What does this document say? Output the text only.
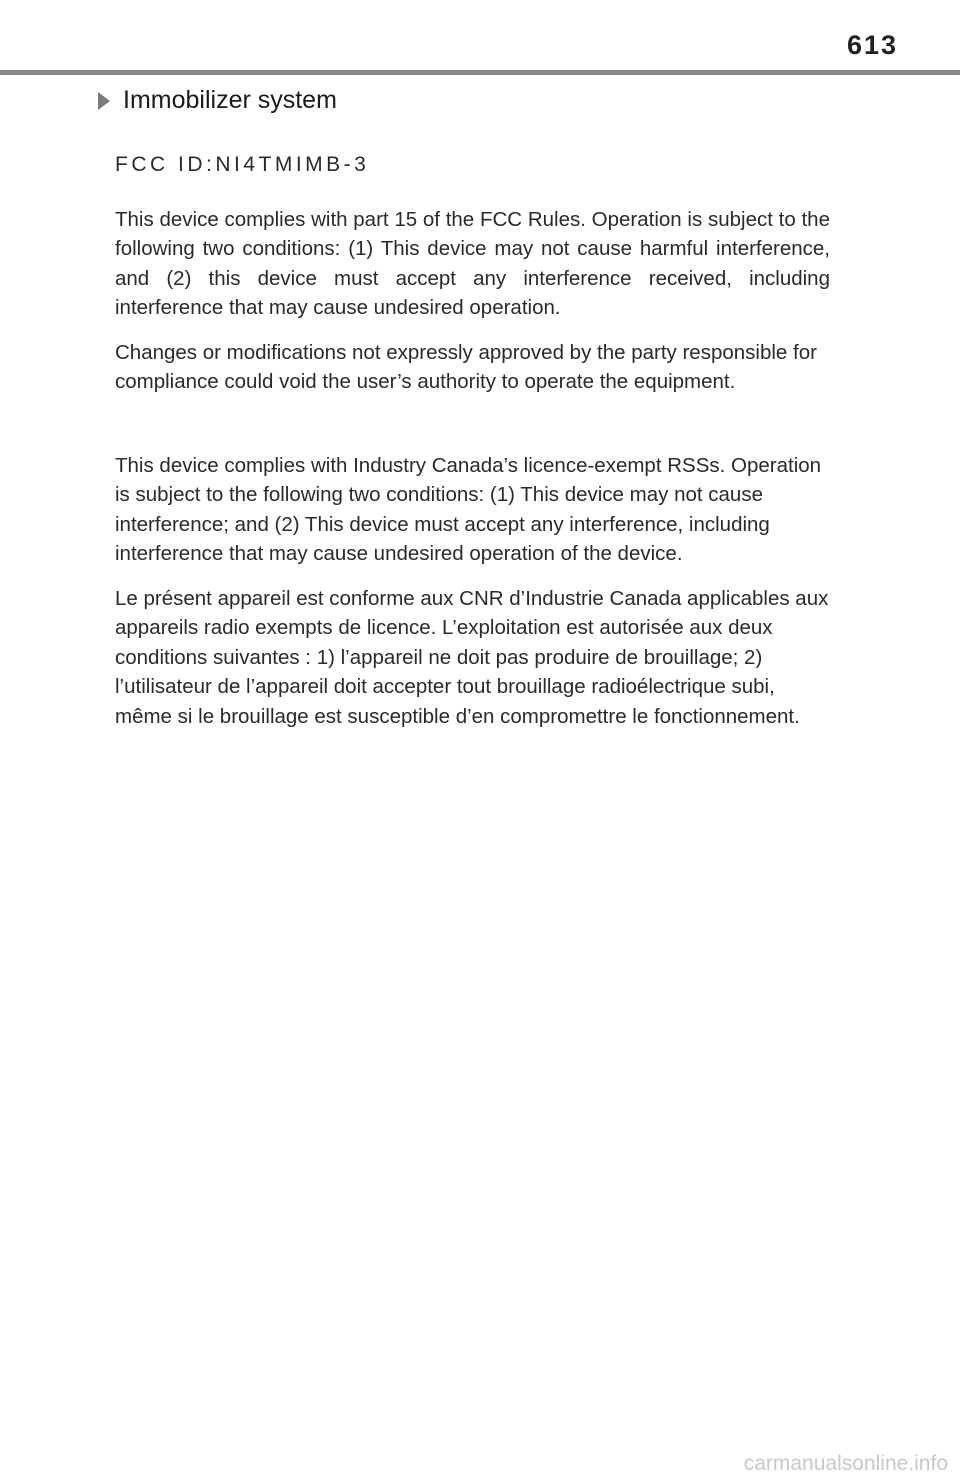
613
Immobilizer system

FCC ID:NI4TMIMB-3

This device complies with part 15 of the FCC Rules. Operation is subject to the following two conditions: (1) This device may not cause harmful interference, and (2) this device must accept any interference received, including interference that may cause undesired operation.

Changes or modifications not expressly approved by the party responsible for compliance could void the user’s authority to operate the equipment.

This device complies with Industry Canada’s licence-exempt RSSs. Operation is subject to the following two conditions: (1) This device may not cause interference; and (2) This device must accept any interference, including interference that may cause undesired operation of the device.

Le présent appareil est conforme aux CNR d’Industrie Canada applicables aux appareils radio exempts de licence. L’exploitation est autorisée aux deux conditions suivantes : 1) l’appareil ne doit pas produire de brouillage; 2) l’utilisateur de l’appareil doit accepter tout brouillage radioélectrique subi, même si le brouillage est susceptible d’en compromettre le fonctionnement.

carmanualsonline.info
